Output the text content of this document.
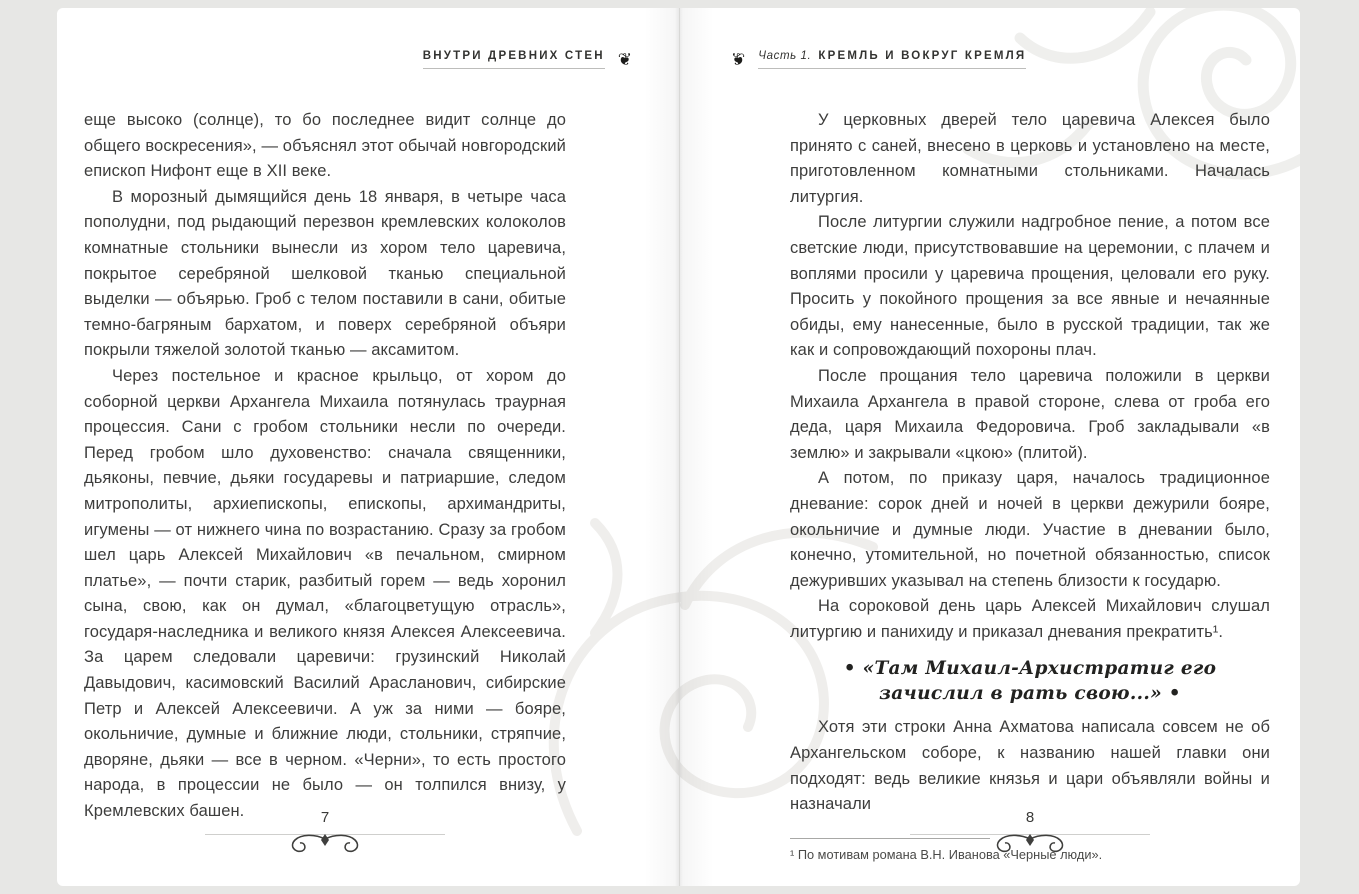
ВНУТРИ ДРЕВНИХ СТЕН ❦

еще высоко (солнце), то бо последнее видит солнце до общего воскресения», — объяснял этот обычай новгородский епископ Нифонт еще в XII веке.

В морозный дымящийся день 18 января, в четыре часа пополудни, под рыдающий перезвон кремлевских колоколов комнатные стольники вынесли из хором тело царевича, покрытое серебряной шелковой тканью специальной выделки — объярью. Гроб с телом поставили в сани, обитые темно-багряным бархатом, и поверх серебряной объяри покрыли тяжелой золотой тканью — аксамитом.

Через постельное и красное крыльцо, от хором до соборной церкви Архангела Михаила потянулась траурная процессия. Сани с гробом стольники несли по очереди. Перед гробом шло духовенство: сначала священники, дьяконы, певчие, дьяки государевы и патриаршие, следом митрополиты, архиепископы, епископы, архимандриты, игумены — от нижнего чина по возрастанию. Сразу за гробом шел царь Алексей Михайлович «в печальном, смирном платье», — почти старик, разбитый горем — ведь хоронил сына, свою, как он думал, «благоцветущую отрасль», государя-наследника и великого князя Алексея Алексеевича. За царем следовали царевичи: грузинский Николай Давыдович, касимовский Василий Арасланович, сибирские Петр и Алексей Алексеевичи. А уж за ними — бояре, окольничие, думные и ближние люди, стольники, стряпчие, дворяне, дьяки — все в черном. «Черни», то есть простого народа, в процессии не было — он толпился внизу, у Кремлевских башен.	7
❦ Часть 1. КРЕМЛЬ И ВОКРУГ КРЕМЛЯ

У церковных дверей тело царевича Алексея было принято с саней, внесено в церковь и установлено на месте, приготовленном комнатными стольниками. Началась литургия.

После литургии служили надгробное пение, а потом все светские люди, присутствовавшие на церемонии, с плачем и воплями просили у царевича прощения, целовали его руку. Просить у покойного прощения за все явные и нечаянные обиды, ему нанесенные, было в русской традиции, так же как и сопровождающий похороны плач.

После прощания тело царевича положили в церкви Михаила Архангела в правой стороне, слева от гроба его деда, царя Михаила Федоровича. Гроб закладывали «в землю» и закрывали «цкою» (плитой).

А потом, по приказу царя, началось традиционное дневание: сорок дней и ночей в церкви дежурили бояре, окольничие и думные люди. Участие в дневании было, конечно, утомительной, но почетной обязанностью, список дежуривших указывал на степень близости к государю.

На сороковой день царь Алексей Михайлович слушал литургию и панихиду и приказал дневания прекратить¹.

• «Там Михаил-Архистратиг его зачислил в рать свою...» •

Хотя эти строки Анна Ахматова написала совсем не об Архангельском соборе, к названию нашей главки они подходят: ведь великие князья и цари объявляли войны и назначали

¹ По мотивам романа В.Н. Иванова «Черные люди».
8
